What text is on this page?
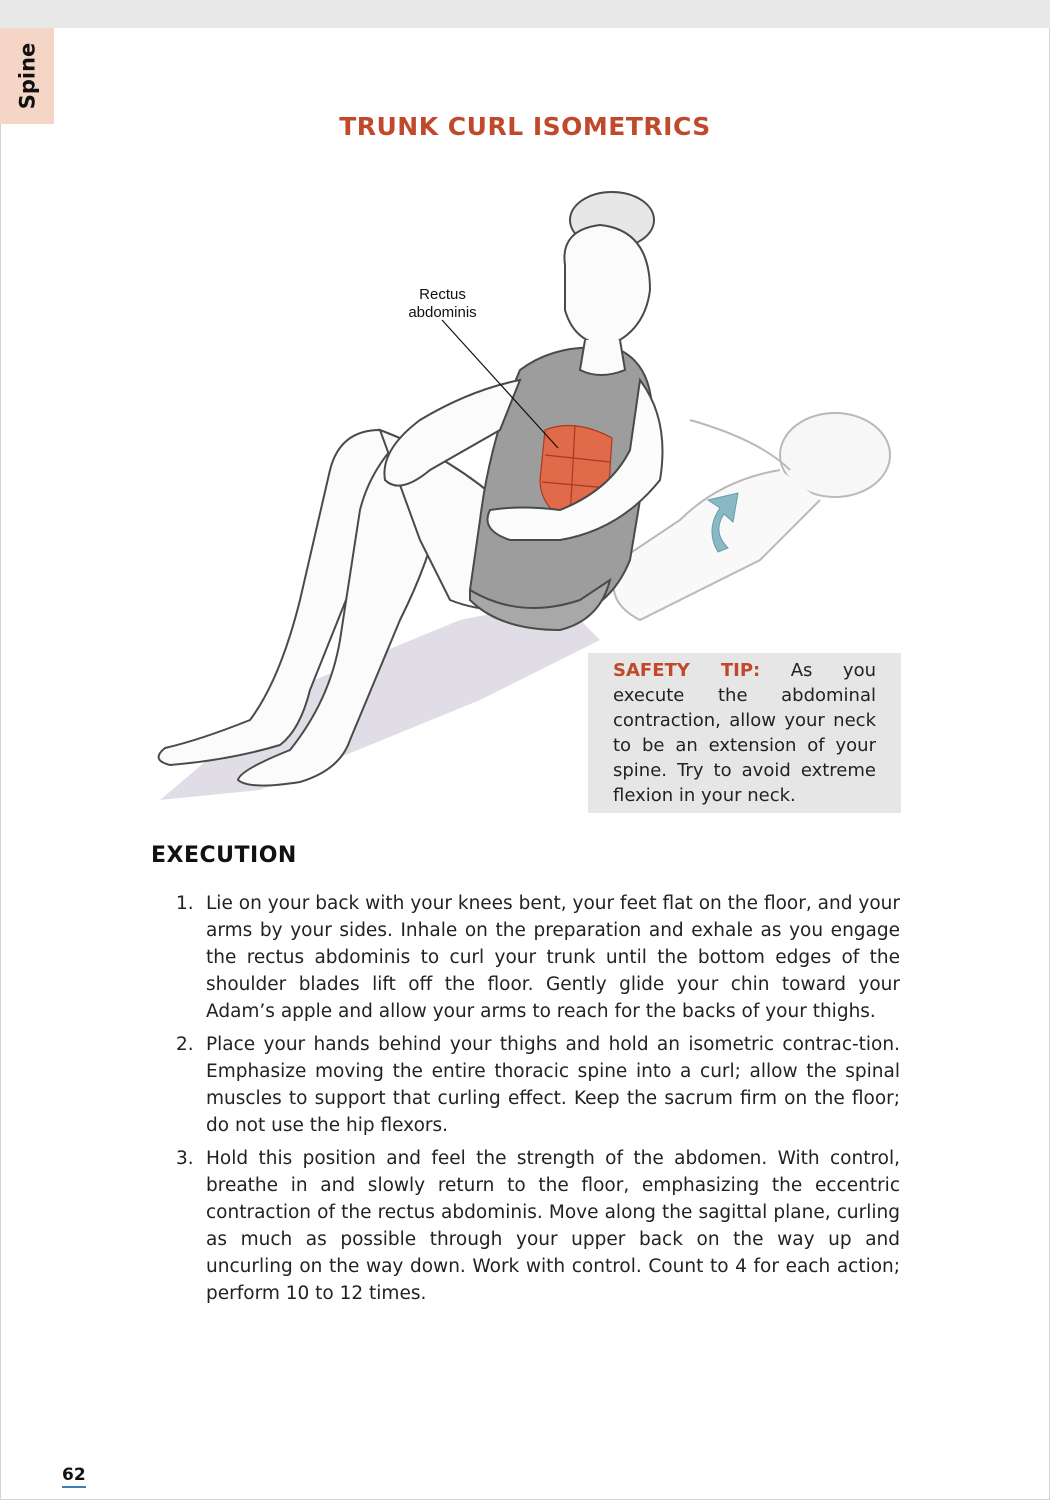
Spine
TRUNK CURL ISOMETRICS
Rectus
abdominis
SAFETY TIP: As you execute the abdominal contraction, allow your neck to be an extension of your spine. Try to avoid extreme flexion in your neck.
EXECUTION
1. Lie on your back with your knees bent, your feet flat on the floor, and your arms by your sides. Inhale on the preparation and exhale as you engage the rectus abdominis to curl your trunk until the bottom edges of the shoulder blades lift off the floor. Gently glide your chin toward your Adam’s apple and allow your arms to reach for the backs of your thighs.
2. Place your hands behind your thighs and hold an isometric contrac-tion. Emphasize moving the entire thoracic spine into a curl; allow the spinal muscles to support that curling effect. Keep the sacrum firm on the floor; do not use the hip flexors.
3. Hold this position and feel the strength of the abdomen. With control, breathe in and slowly return to the floor, emphasizing the eccentric contraction of the rectus abdominis. Move along the sagittal plane, curling as much as possible through your upper back on the way up and uncurling on the way down. Work with control. Count to 4 for each action; perform 10 to 12 times.
62
